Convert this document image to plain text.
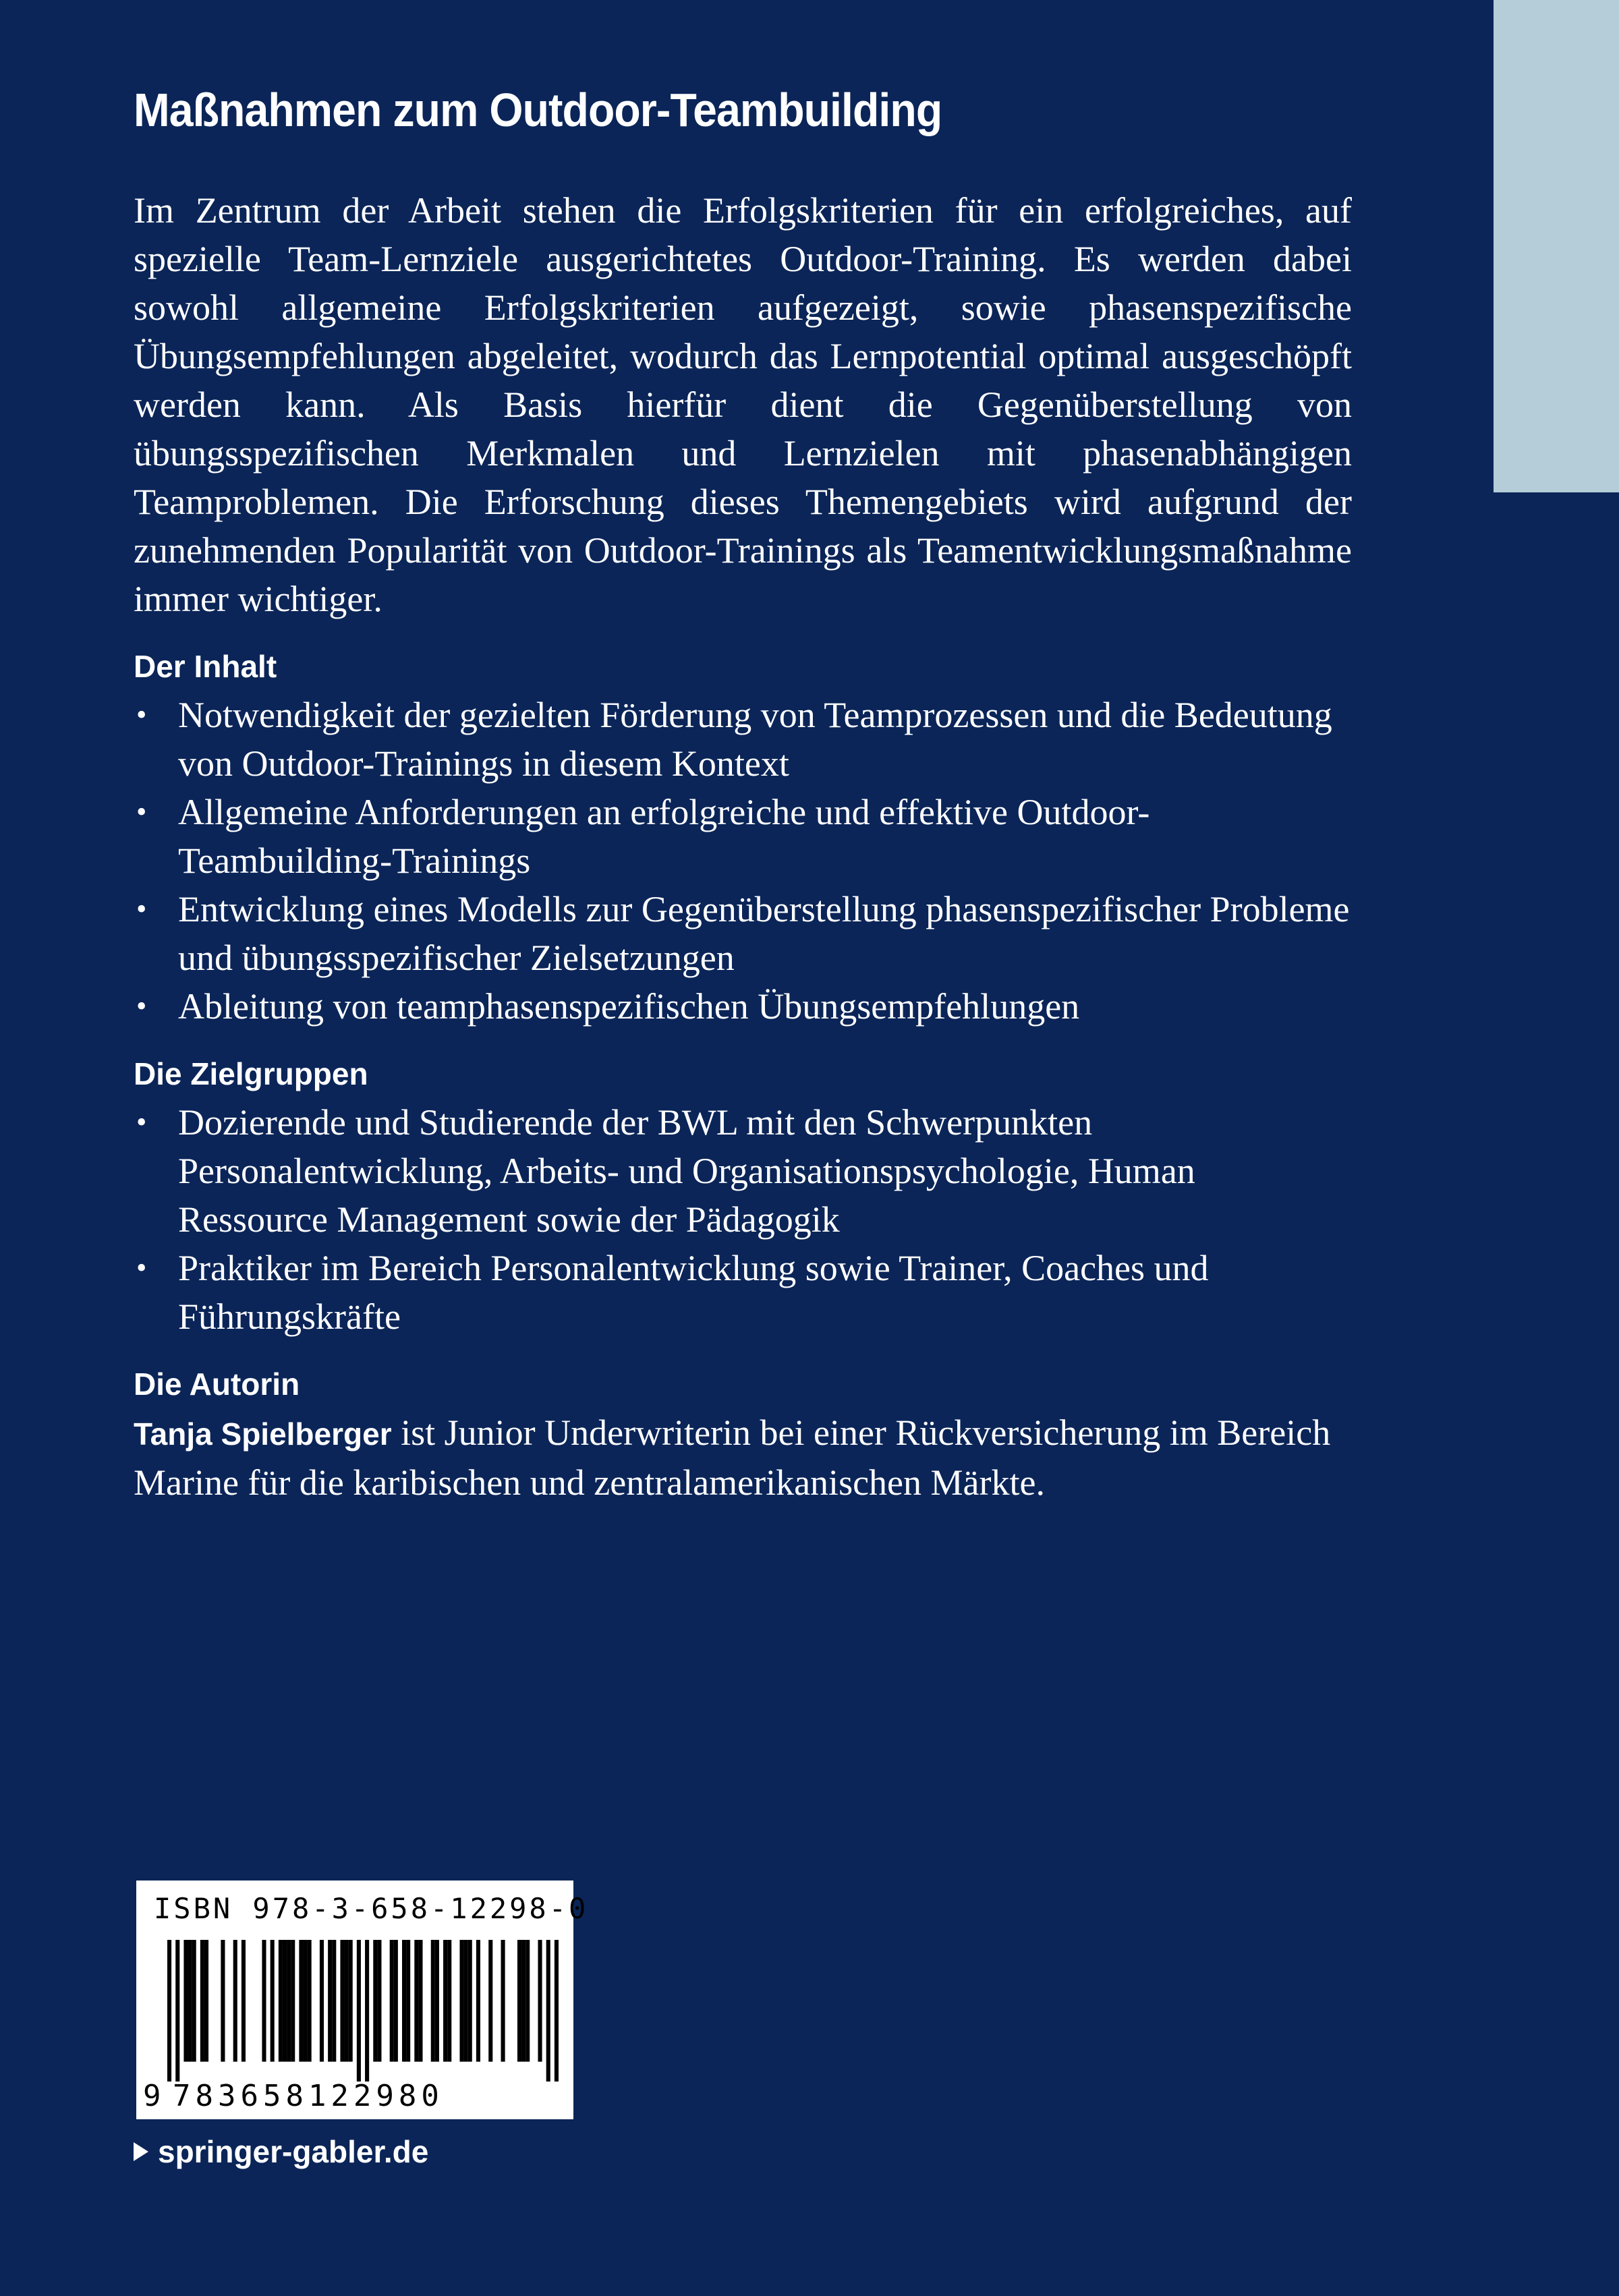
Maßnahmen zum Outdoor-Teambuilding

Im Zentrum der Arbeit stehen die Erfolgskriterien für ein erfolgreiches, auf spezielle Team-Lernziele ausgerichtetes Outdoor-Training. Es werden dabei sowohl allgemeine Erfolgskriterien aufgezeigt, sowie phasenspezifische Übungsempfehlungen abgeleitet, wodurch das Lernpotential optimal ausgeschöpft werden kann. Als Basis hierfür dient die Gegenüberstellung von übungsspezifischen Merkmalen und Lernzielen mit phasenabhängigen Teamproblemen. Die Erforschung dieses Themengebiets wird aufgrund der zunehmenden Popularität von Outdoor-Trainings als Teamentwicklungsmaßnahme immer wichtiger.

Der Inhalt
• Notwendigkeit der gezielten Förderung von Teamprozessen und die Bedeutung von Outdoor-Trainings in diesem Kontext
• Allgemeine Anforderungen an erfolgreiche und effektive Outdoor-Teambuilding-Trainings
• Entwicklung eines Modells zur Gegenüberstellung phasenspezifischer Probleme und übungsspezifischer Zielsetzungen
• Ableitung von teamphasenspezifischen Übungsempfehlungen
Die Zielgruppen
• Dozierende und Studierende der BWL mit den Schwerpunkten Personalentwicklung, Arbeits- und Organisationspsychologie, Human Ressource Management sowie der Pädagogik
• Praktiker im Bereich Personalentwicklung sowie Trainer, Coaches und Führungskräfte
Die Autorin

Tanja Spielberger ist Junior Underwriterin bei einer Rückversicherung im Bereich Marine für die karibischen und zentralamerikanischen Märkte.

ISBN 978-3-658-12298-0
9 783658122980
springer-gabler.de
